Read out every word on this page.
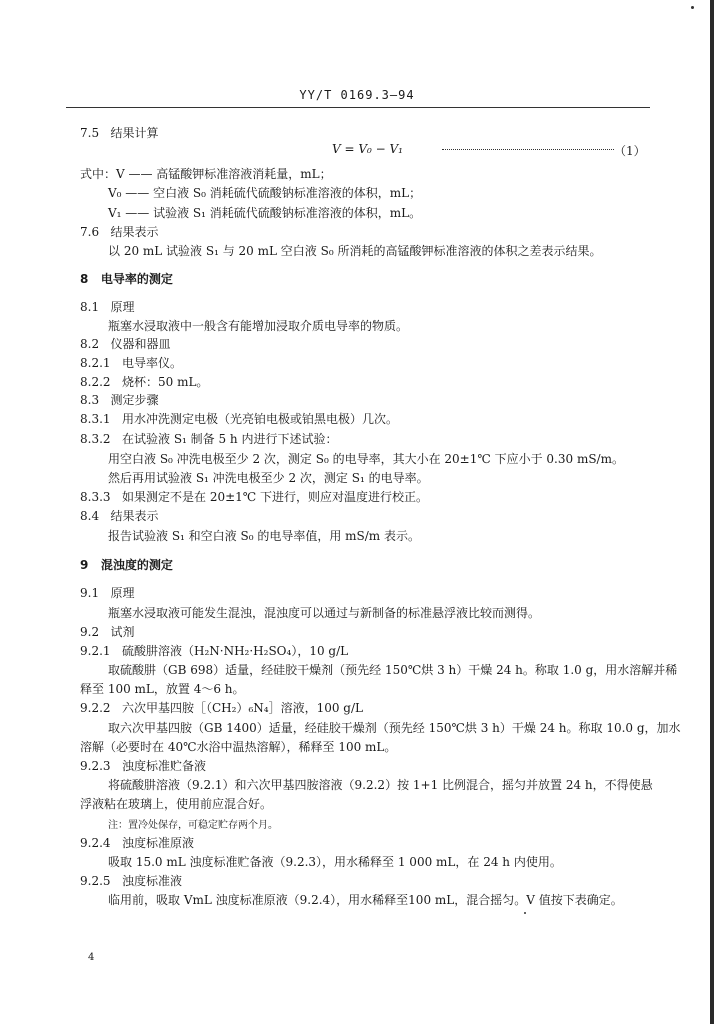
YY/T 0169.3—94
7.5 结果计算
V = V₀ − V₁	（1）
式中：V —— 高锰酸钾标准溶液消耗量，mL；
V₀ —— 空白液 S₀ 消耗硫代硫酸钠标准溶液的体积，mL；
V₁ —— 试验液 S₁ 消耗硫代硫酸钠标准溶液的体积，mL。
7.6 结果表示
以 20 mL 试验液 S₁ 与 20 mL 空白液 S₀ 所消耗的高锰酸钾标准溶液的体积之差表示结果。
8 电导率的测定
8.1 原理
瓶塞水浸取液中一般含有能增加浸取介质电导率的物质。
8.2 仪器和器皿
8.2.1 电导率仪。
8.2.2 烧杯：50 mL。
8.3 测定步骤
8.3.1 用水冲洗测定电极（光亮铂电极或铂黑电极）几次。
8.3.2 在试验液 S₁ 制备 5 h 内进行下述试验：
用空白液 S₀ 冲洗电极至少 2 次，测定 S₀ 的电导率，其大小在 20±1℃ 下应小于 0.30 mS/m。
然后再用试验液 S₁ 冲洗电极至少 2 次，测定 S₁ 的电导率。
8.3.3 如果测定不是在 20±1℃ 下进行，则应对温度进行校正。
8.4 结果表示
报告试验液 S₁ 和空白液 S₀ 的电导率值，用 mS/m 表示。
9 混浊度的测定
9.1 原理
瓶塞水浸取液可能发生混浊，混浊度可以通过与新制备的标准悬浮液比较而测得。
9.2 试剂
9.2.1 硫酸肼溶液（H₂N·NH₂·H₂SO₄），10 g/L
取硫酸肼（GB 698）适量，经硅胶干燥剂（预先经 150℃烘 3 h）干燥 24 h。称取 1.0 g，用水溶解并稀
释至 100 mL，放置 4～6 h。
9.2.2 六次甲基四胺［（CH₂）₆N₄］溶液，100 g/L
取六次甲基四胺（GB 1400）适量，经硅胶干燥剂（预先经 150℃烘 3 h）干燥 24 h。称取 10.0 g，加水
溶解（必要时在 40℃水浴中温热溶解），稀释至 100 mL。
9.2.3 浊度标准贮备液
将硫酸肼溶液（9.2.1）和六次甲基四胺溶液（9.2.2）按 1+1 比例混合，摇匀并放置 24 h，不得使悬
浮液粘在玻璃上，使用前应混合好。
注：置冷处保存，可稳定贮存两个月。
9.2.4 浊度标准原液
吸取 15.0 mL 浊度标准贮备液（9.2.3），用水稀释至 1 000 mL，在 24 h 内使用。
9.2.5 浊度标准液
临用前，吸取 VmL 浊度标准原液（9.2.4），用水稀释至100 mL，混合摇匀。V 值按下表确定。
4
